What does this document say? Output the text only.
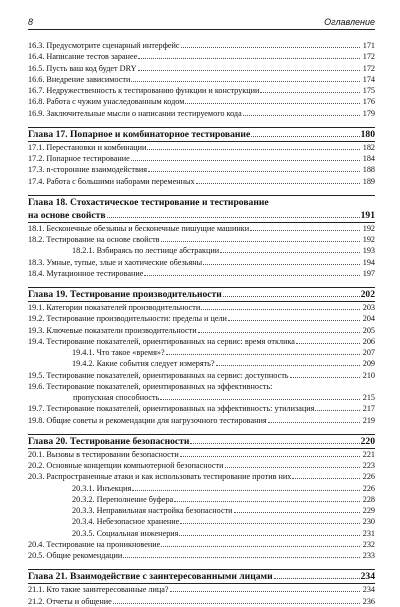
8	Оглавление
16.3. Предусмотрите сценарный интерфейс	171
16.4. Написание тестов заранее	172
16.5. Пусть ваш код будет DRY	172
16.6. Внедрение зависимости	174
16.7. Недружественность к тестированию функции и конструкции	175
16.8. Работа с чужим унаследованным кодом	176
16.9. Заключительные мысли о написании тестируемого кода	179
Глава 17. Попарное и комбинаторное тестирование	180
17.1. Перестановки и комбинации	182
17.2. Попарное тестирование	184
17.3. n-сторонние взаимодействия	188
17.4. Работа с большими наборами переменных	189
Глава 18. Стохастическое тестирование и тестирование
на основе свойств	191
18.1. Бесконечные обезьяны и бесконечные пишущие машинки	192
18.2. Тестирование на основе свойств	192
18.2.1. Взбираясь по лестнице абстракции	193
18.3. Умные, тупые, злые и хаотические обезьяны	194
18.4. Мутационное тестирование	197
Глава 19. Тестирование производительности	202
19.1. Категории показателей производительности	203
19.2. Тестирование производительности: пределы и цели	204
19.3. Ключевые показатели производительности	205
19.4. Тестирование показателей, ориентированных на сервис: время отклика	206
19.4.1. Что такое «время»?	207
19.4.2. Какие события следует измерять?	209
19.5. Тестирование показателей, ориентированных на сервис: доступность	210
19.6. Тестирование показателей, ориентированных на эффективность:
пропускная способность	215
19.7. Тестирование показателей, ориентированных на эффективность: утилизация	217
19.8. Общие советы и рекомендации для нагрузочного тестирования	219
Глава 20. Тестирование безопасности	220
20.1. Вызовы в тестировании безопасности	221
20.2. Основные концепции компьютерной безопасности	223
20.3. Распространенные атаки и как использовать тестирование против них	226
20.3.1. Инъекция	226
20.3.2. Переполнение буфера	228
20.3.3. Неправильная настройка безопасности	229
20.3.4. Небезопасное хранение	230
20.3.5. Социальная инженерия	231
20.4. Тестирование на проникновение	232
20.5. Общие рекомендации	233
Глава 21. Взаимодействие с заинтересованными лицами	234
21.1. Кто такие заинтересованные лица?	234
21.2. Отчеты и общение	236
